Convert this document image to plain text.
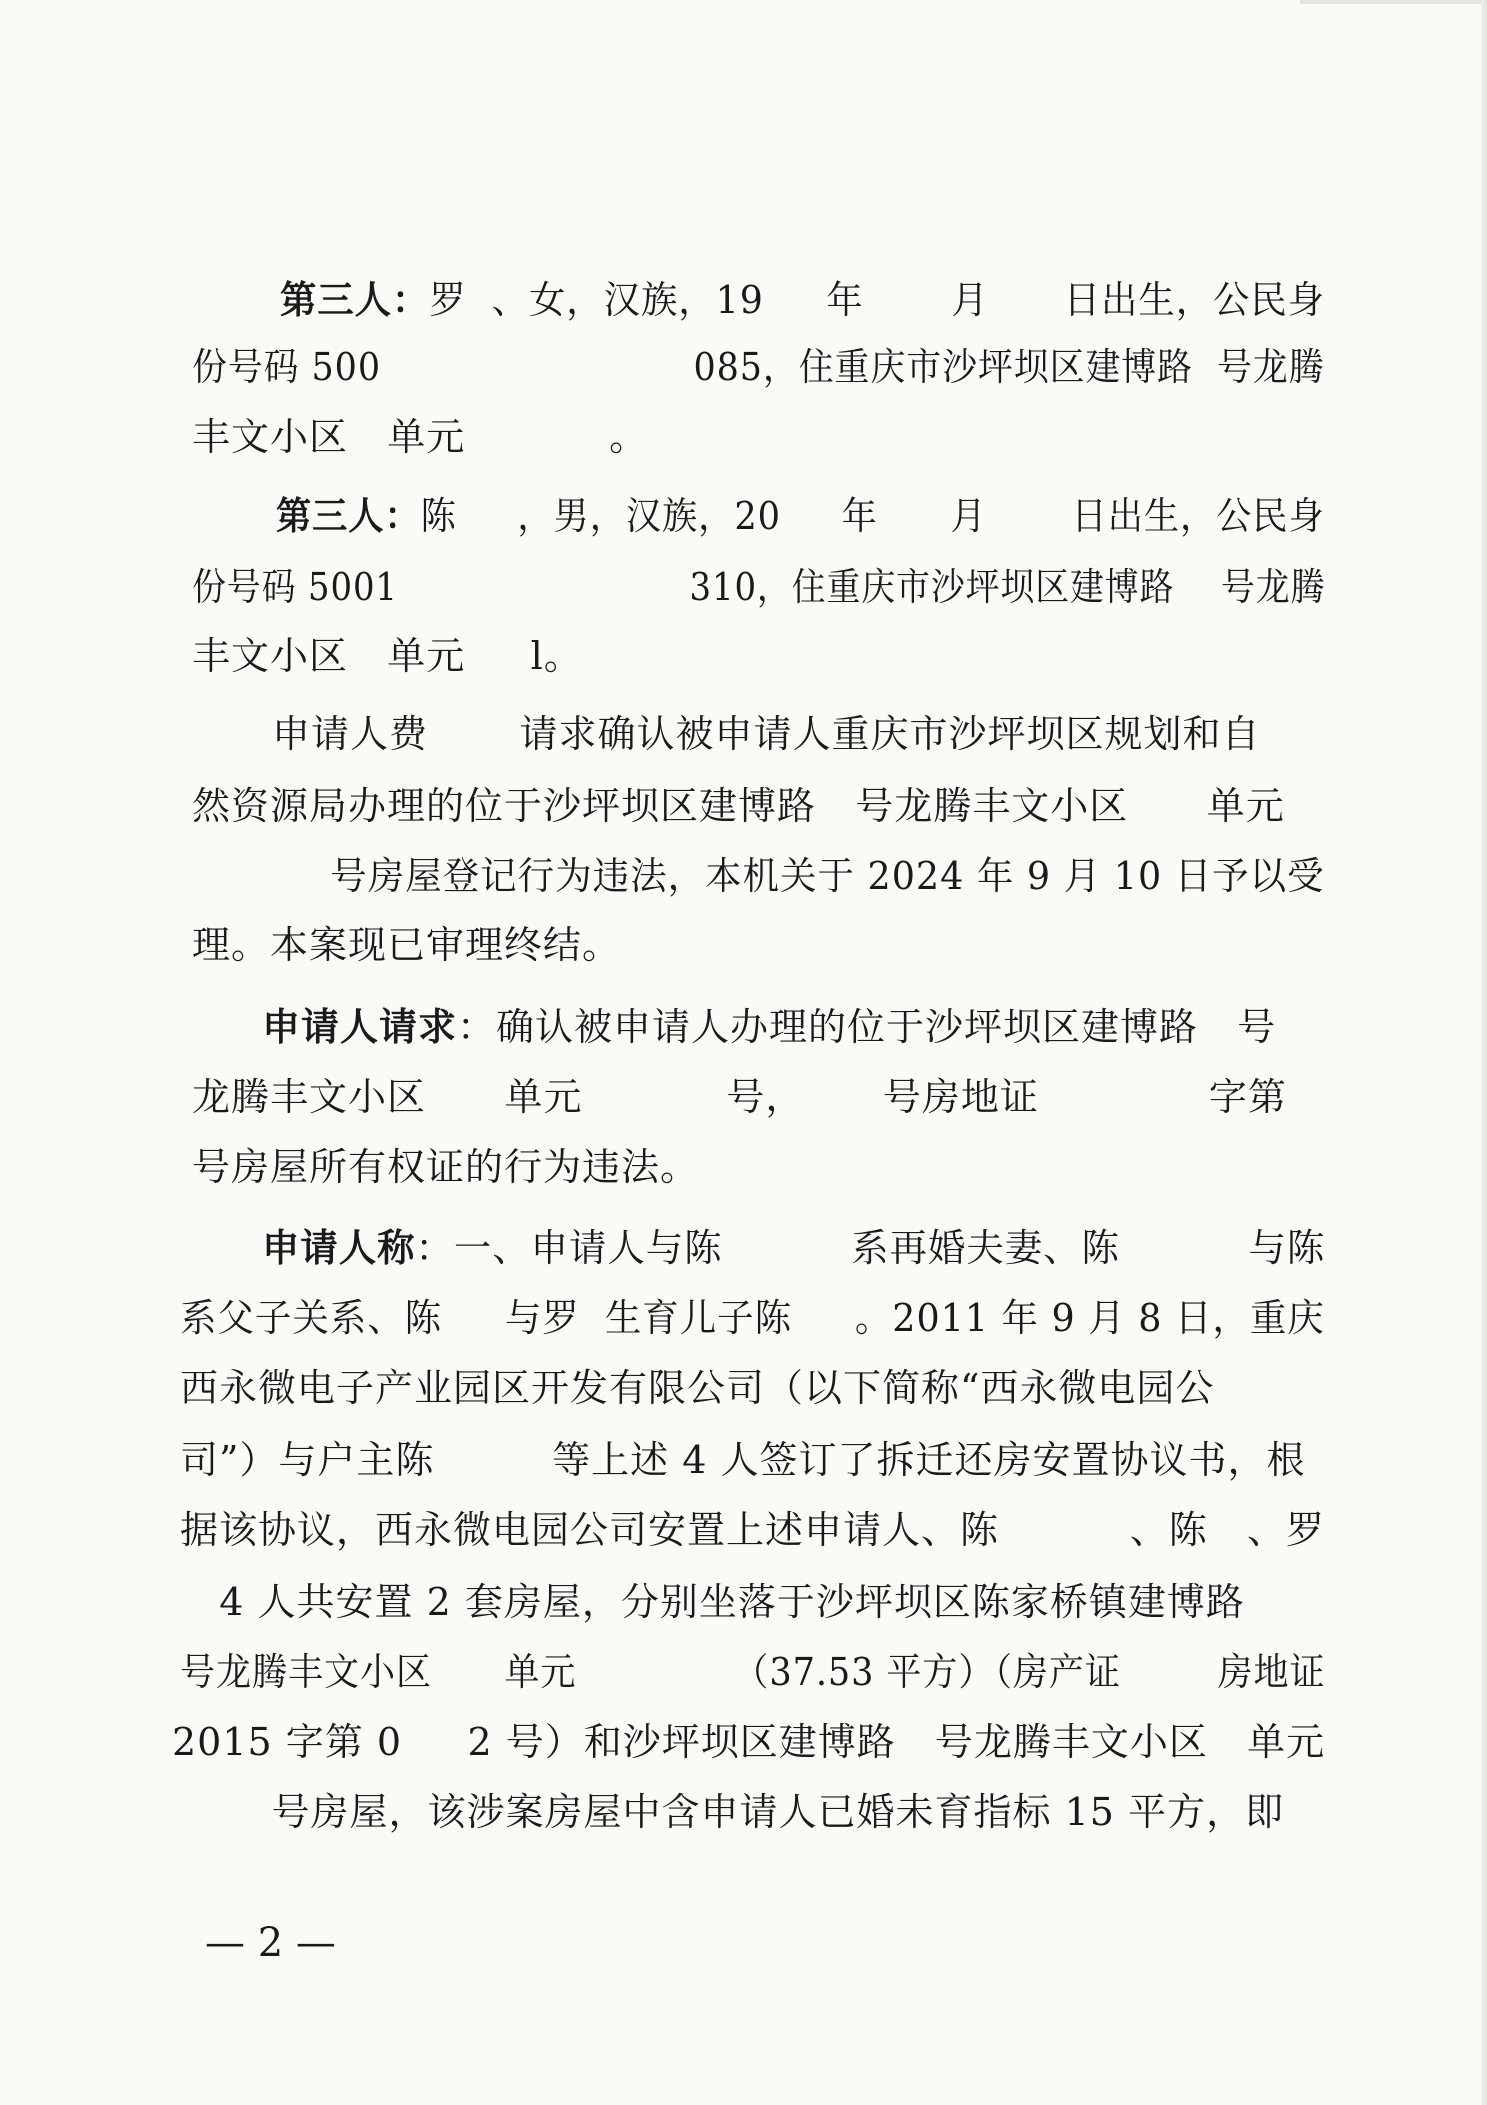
第三人：罗  、女，汉族，19     年       月      日出生，公民身
份号码 500                          085，住重庆市沙坪坝区建博路  号龙腾
丰文小区   单元           。
第三人：陈     ，男，汉族，20     年      月       日出生，公民身
份号码 5001                         310，住重庆市沙坪坝区建博路    号龙腾
丰文小区   单元     l。
申请人费       请求确认被申请人重庆市沙坪坝区规划和自
然资源局办理的位于沙坪坝区建博路   号龙腾丰文小区      单元
号房屋登记行为违法，本机关于 2024 年 9 月 10 日予以受
理。本案现已审理终结。
申请人请求：确认被申请人办理的位于沙坪坝区建博路   号
龙腾丰文小区      单元           号，      号房地证             字第
号房屋所有权证的行为违法。
申请人称：一、申请人与陈          系再婚夫妻、陈          与陈
系父子关系、陈     与罗  生育儿子陈     。2011 年 9 月 8 日，重庆
西永微电子产业园区开发有限公司（以下简称“西永微电园公
司”）与户主陈         等上述 4 人签订了拆迁还房安置协议书，根
据该协议，西永微电园公司安置上述申请人、陈          、陈   、罗
4 人共安置 2 套房屋，分别坐落于沙坪坝区陈家桥镇建博路
号龙腾丰文小区      单元             （37.53 平方）（房产证        房地证
2015 字第 0     2 号）和沙坪坝区建博路   号龙腾丰文小区   单元
号房屋，该涉案房屋中含申请人已婚未育指标 15 平方，即
— 2 —
